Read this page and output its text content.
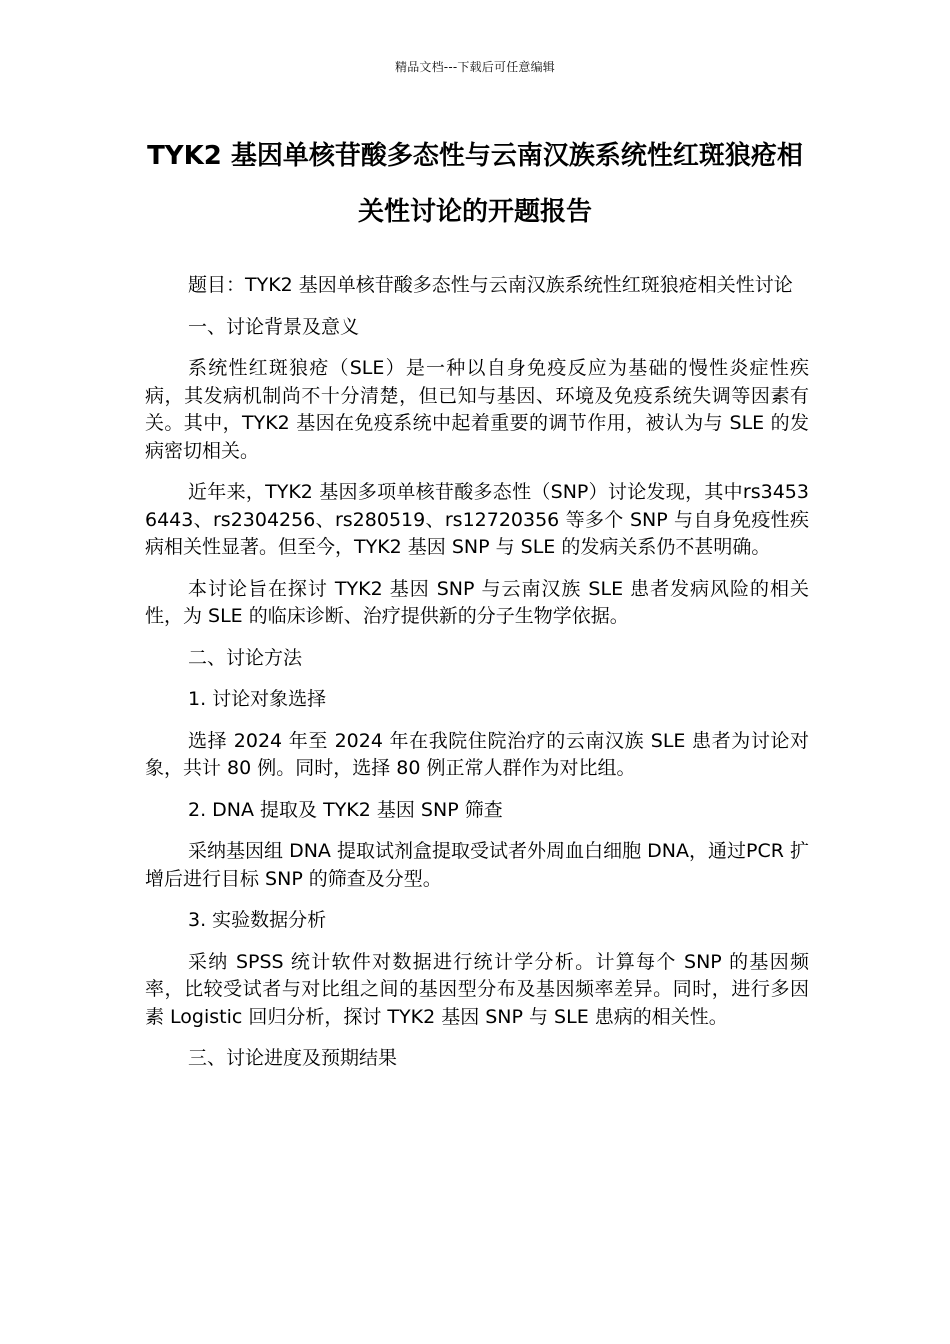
精品文档---下载后可任意编辑
TYK2 基因单核苷酸多态性与云南汉族系统性红斑狼疮相关性讨论的开题报告

题目：TYK2 基因单核苷酸多态性与云南汉族系统性红斑狼疮相关性讨论

一、讨论背景及意义

系统性红斑狼疮（SLE）是一种以自身免疫反应为基础的慢性炎症性疾病，其发病机制尚不十分清楚，但已知与基因、环境及免疫系统失调等因素有关。其中，TYK2 基因在免疫系统中起着重要的调节作用，被认为与 SLE 的发病密切相关。

近年来，TYK2 基因多项单核苷酸多态性（SNP）讨论发现，其中rs34536443、rs2304256、rs280519、rs12720356 等多个 SNP 与自身免疫性疾病相关性显著。但至今，TYK2 基因 SNP 与 SLE 的发病关系仍不甚明确。

本讨论旨在探讨 TYK2 基因 SNP 与云南汉族 SLE 患者发病风险的相关性，为 SLE 的临床诊断、治疗提供新的分子生物学依据。

二、讨论方法

1. 讨论对象选择

选择 2024 年至 2024 年在我院住院治疗的云南汉族 SLE 患者为讨论对象，共计 80 例。同时，选择 80 例正常人群作为对比组。

2. DNA 提取及 TYK2 基因 SNP 筛查

采纳基因组 DNA 提取试剂盒提取受试者外周血白细胞 DNA，通过PCR 扩增后进行目标 SNP 的筛查及分型。

3. 实验数据分析

采纳 SPSS 统计软件对数据进行统计学分析。计算每个 SNP 的基因频率，比较受试者与对比组之间的基因型分布及基因频率差异。同时，进行多因素 Logistic 回归分析，探讨 TYK2 基因 SNP 与 SLE 患病的相关性。

三、讨论进度及预期结果
